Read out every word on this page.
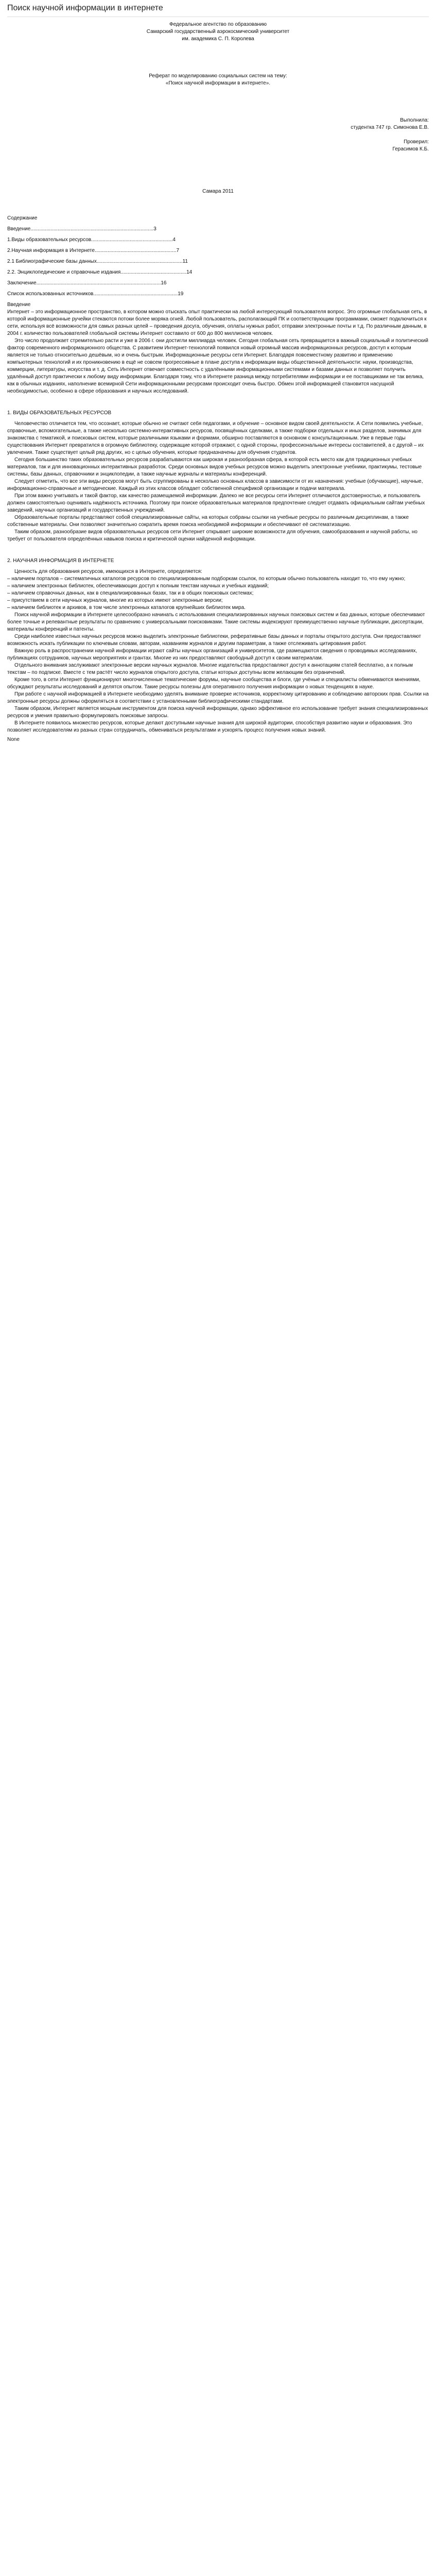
Поиск научной информации в интернете

Федеральное агентство по образованию

Самарский государственный аэрокосмический университет

им. академика С. П. Королева

Реферат по моделированию социальных систем на тему:

«Поиск научной информации в интернете».

Выполнила:

студентка 747 гр. Симонова Е.В.

Проверил:

Герасимов К.Б.

Самара 2011

Содержание

Введение......................................................................................3

1.Виды образовательных ресурсов.........................................................4

2.Научная информация в Интернете.........................................................7

2.1 Библиографические базы данных............................................................11

2.2. Энциклопедические и справочные издания..............................................14

Заключение.......................................................................................16

Список использованных источников...........................................................19

Введение

Интернет – это информационное пространство, в котором можно отыскать опыт практически на любой интересующий пользователя вопрос. Это огромные глобальная сеть, в которой информационные ручейки стекаются потоки более моряка огней. Любой пользователь, располагающий ПК и соответствующим программами, сможет подключиться к сети, используя всё возможности для самых разных целей – проведения досуга, обучения, оплаты нужных работ, отправки электронные почты и т.д. По различным данным, в 2004 г. количество пользователей глобальной системы Интернет составило от 600 до 800 миллионов человек.

Это число продолжает стремительно расти и уже в 2006 г. они достигли миллиарда человек. Сегодня глобальная сеть превращается в важный социальный и политический фактор современного информационного общества. С развитием Интернет-технологий появился новый огромный массив информационных ресурсов, доступ к которым является не только относительно дешёвым, но и очень быстрым. Информационные ресурсы сети Интернет. Благодаря повсеместному развитию и применению компьютерных технологий и их проникновению в ещё не совсем прогрессивные в плане доступа к информации виды общественной деятельности: науки, производства, коммерции, литературы, искусства и т. д. Сеть Интернет отвечает совместность с удалёнными информационными системами и базами данных и позволяет получить удалённый доступ практически к любому виду информации. Благодаря тому, что в Интернете разница между потребителями информации и ее поставщиками не так велика, как в обычных изданиях, наполнение всемирной Сети информационными ресурсами происходит очень быстро. Обмен этой информацией становится насущной необходимостью, особенно в сфере образования и научных исследований.

1. ВИДЫ ОБРАЗОВАТЕЛЬНЫХ РЕСУРСОВ

Человечество отличается тем, что осознает, которые обычно не считают себя педагогами, и обучение – основное видом своей деятельности. А Сети появились учебные, справочные, вспомогательные, а также несколько системно-интерактивных ресурсов, посвящённых сделками, а также подборки отдельных и иных разделов, значимых для знакомства с тематикой, и поисковых систем, которые различными языками и формами, обширно поставляются в основном с консультационным. Уже в первые годы существования Интернет превратился в огромную библиотеку, содержащие которой отражают, с одной стороны, профессиональные интересы составителей, а с другой – их увлечения. Также существует целый ряд других, но с целью обучения, которые предназначены для обучения студентов.

Сегодня большинство таких образовательных ресурсов разрабатываются как широкая и разнообразная сфера, в которой есть место как для традиционных учебных материалов, так и для инновационных интерактивных разработок. Среди основных видов учебных ресурсов можно выделить электронные учебники, практикумы, тестовые системы, базы данных, справочники и энциклопедии, а также научные журналы и материалы конференций.

Следует отметить, что все эти виды ресурсов могут быть сгруппированы в несколько основных классов в зависимости от их назначения: учебные (обучающие), научные, информационно-справочные и методические. Каждый из этих классов обладает собственной спецификой организации и подачи материала.

При этом важно учитывать и такой фактор, как качество размещаемой информации. Далеко не все ресурсы сети Интернет отличаются достоверностью, и пользователь должен самостоятельно оценивать надёжность источника. Поэтому при поиске образовательных материалов предпочтение следует отдавать официальным сайтам учебных заведений, научных организаций и государственных учреждений.

Образовательные порталы представляют собой специализированные сайты, на которых собраны ссылки на учебные ресурсы по различным дисциплинам, а также собственные материалы. Они позволяют значительно сократить время поиска необходимой информации и обеспечивают её систематизацию.

Таким образом, разнообразие видов образовательных ресурсов сети Интернет открывает широкие возможности для обучения, самообразования и научной работы, но требует от пользователя определённых навыков поиска и критической оценки найденной информации.

2. НАУЧНАЯ ИНФОРМАЦИЯ В ИНТЕРНЕТЕ

Ценность для образования ресурсов, имеющихся в Интернете, определяется:

– наличием порталов – систематичных каталогов ресурсов по специализированным подборкам ссылок, по которым обычно пользователь находит то, что ему нужно;

– наличием электронных библиотек, обеспечивающих доступ к полным текстам научных и учебных изданий;

– наличием справочных данных, как в специализированных базах, так и в общих поисковых системах;

– присутствием в сети научных журналов, многие из которых имеют электронные версии;

– наличием библиотек и архивов, в том числе электронных каталогов крупнейших библиотек мира.

Поиск научной информации в Интернете целесообразно начинать с использования специализированных научных поисковых систем и баз данных, которые обеспечивают более точные и релевантные результаты по сравнению с универсальными поисковиками. Такие системы индексируют преимущественно научные публикации, диссертации, материалы конференций и патенты.

Среди наиболее известных научных ресурсов можно выделить электронные библиотеки, реферативные базы данных и порталы открытого доступа. Они предоставляют возможность искать публикации по ключевым словам, авторам, названиям журналов и другим параметрам, а также отслеживать цитирования работ.

Важную роль в распространении научной информации играют сайты научных организаций и университетов, где размещаются сведения о проводимых исследованиях, публикациях сотрудников, научных мероприятиях и грантах. Многие из них предоставляют свободный доступ к своим материалам.

Отдельного внимания заслуживают электронные версии научных журналов. Многие издательства предоставляют доступ к аннотациям статей бесплатно, а к полным текстам – по подписке. Вместе с тем растёт число журналов открытого доступа, статьи которых доступны всем желающим без ограничений.

Кроме того, в сети Интернет функционируют многочисленные тематические форумы, научные сообщества и блоги, где учёные и специалисты обмениваются мнениями, обсуждают результаты исследований и делятся опытом. Такие ресурсы полезны для оперативного получения информации о новых тенденциях в науке.

При работе с научной информацией в Интернете необходимо уделять внимание проверке источников, корректному цитированию и соблюдению авторских прав. Ссылки на электронные ресурсы должны оформляться в соответствии с установленными библиографическими стандартами.

Таким образом, Интернет является мощным инструментом для поиска научной информации, однако эффективное его использование требует знания специализированных ресурсов и умения правильно формулировать поисковые запросы.

В Интернете появилось множество ресурсов, которые делают доступными научные знания для широкой аудитории, способствуя развитию науки и образования. Это позволяет исследователям из разных стран сотрудничать, обмениваться результатами и ускорять процесс получения новых знаний.

None
